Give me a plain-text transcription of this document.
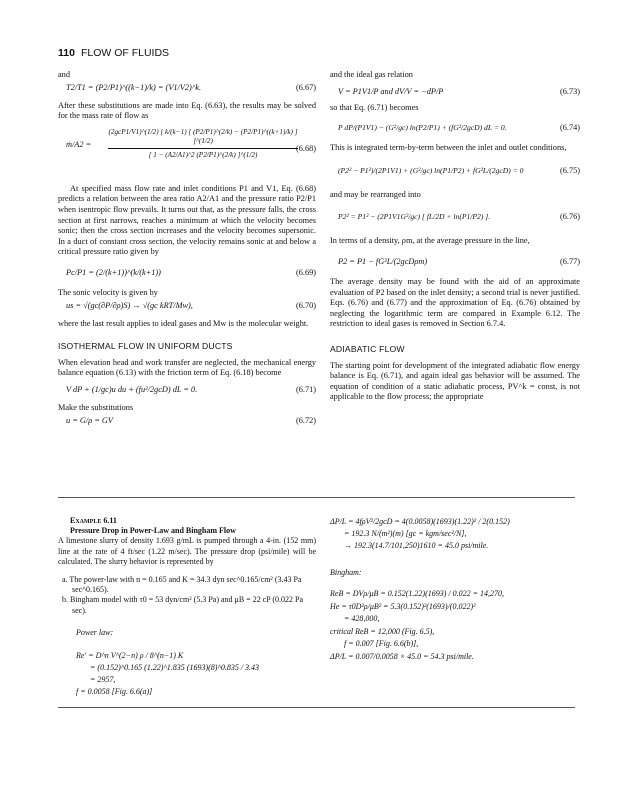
110 FLOW OF FLUIDS
and
T2/T1 = (P2/P1)^((k−1)/k) = (V1/V2)^k.	(6.67)

After these substitutions are made into Eq. (6.63), the results may be solved for the mass rate of flow as

ṁ/A2 =
(2gcP1/V1)^(1/2) [ k/(k−1) [ (P2/P1)^(2/k) − (P2/P1)^((k+1)/k) ] ]^(1/2)
[ 1 − (A2/A1)^2 (P2/P1)^(2/k) ]^(1/2)
(6.68)

At specified mass flow rate and inlet conditions P1 and V1, Eq. (6.68) predicts a relation between the area ratio A2/A1 and the pressure ratio P2/P1 when isentropic flow prevails. It turns out that, as the pressure falls, the cross section at first narrows, reaches a minimum at which the velocity becomes sonic; then the cross section increases and the velocity becomes supersonic. In a duct of constant cross section, the velocity remains sonic at and below a critical pressure ratio given by

Pc/P1 = (2/(k+1))^(k/(k+1))	(6.69)
The sonic velocity is given by
us = √(gc(∂P/∂ρ)S) → √(gc kRT/Mw),	(6.70)

where the last result applies to ideal gases and Mw is the molecular weight.

ISOTHERMAL FLOW IN UNIFORM DUCTS

When elevation head and work transfer are neglected, the mechanical energy balance equation (6.13) with the friction term of Eq. (6.18) become

V dP + (1/gc)u du + (fu²/2gcD) dL = 0.	(6.71)
Make the substitutions
u = G/ρ = GV	(6.72)
and the ideal gas relation
V = P1V1/P and dV/V = −dP/P	(6.73)
so that Eq. (6.71) becomes
P dP/(P1V1) − (G²/gc) ln(P2/P1) + (fG²/2gcD) dL = 0.	(6.74)

This is integrated term-by-term between the inlet and outlet conditions,

(P2² − P1²)/(2P1V1) + (G²/gc) ln(P1/P2) + fG²L/(2gcD) = 0	(6.75)
and may be rearranged into
P2² = P1² − (2P1V1G²/gc) [ fL/2D + ln(P1/P2) ].	(6.76)
In terms of a density, ρm, at the average pressure in the line,
P2 = P1 − fG²L/(2gcDρm)	(6.77)

The average density may be found with the aid of an approximate evaluation of P2 based on the inlet density; a second trial is never justified. Eqs. (6.76) and (6.77) and the approximation of Eq. (6.76) obtained by neglecting the logarithmic term are compared in Example 6.12. The restriction to ideal gases is removed in Section 6.7.4.

ADIABATIC FLOW

The starting point for development of the integrated adiabatic flow energy balance is Eq. (6.71), and again ideal gas behavior will be assumed. The equation of condition of a static adiabatic process, PV^k = const, is not applicable to the flow process; the appropriate

Example 6.11
Pressure Drop in Power-Law and Bingham Flow

A limestone slurry of density 1.693 g/mL is pumped through a 4-in. (152 mm) line at the rate of 4 ft/sec (1.22 m/sec). The pressure drop (psi/mile) will be calculated. The slurry behavior is represented by

a. The power-law with n = 0.165 and K = 34.3 dyn sec^0.165/cm² (3.43 Pa sec^0.165).
b. Bingham model with τ0 = 53 dyn/cm² (5.3 Pa) and μB = 22 cP (0.022 Pa sec).
Power law:
Re′ = D^n V^(2−n) ρ / 8^(n−1) K
= (0.152)^0.165 (1.22)^1.835 (1693)(8)^0.835 / 3.43
= 2957,
f = 0.0058 [Fig. 6.6(a)]
ΔP/L = 4fρV²/2gcD = 4(0.0058)(1693)(1.22)² / 2(0.152)
= 192.3 N/(m²)(m) [gc = kgm/sec²/N],
→ 192.3(14.7/101,250)1610 = 45.0 psi/mile.
Bingham:
ReB = DVρ/μB = 0.152(1.22)(1693) / 0.022 = 14,270,
He = τ0D²ρ/μB² = 5.3(0.152)²(1693)/(0.022)²
= 428,000,
critical ReB = 12,000 (Fig. 6.5),
f = 0.007 [Fig. 6.6(b)],
ΔP/L = 0.007/0.0058 × 45.0 = 54.3 psi/mile.
